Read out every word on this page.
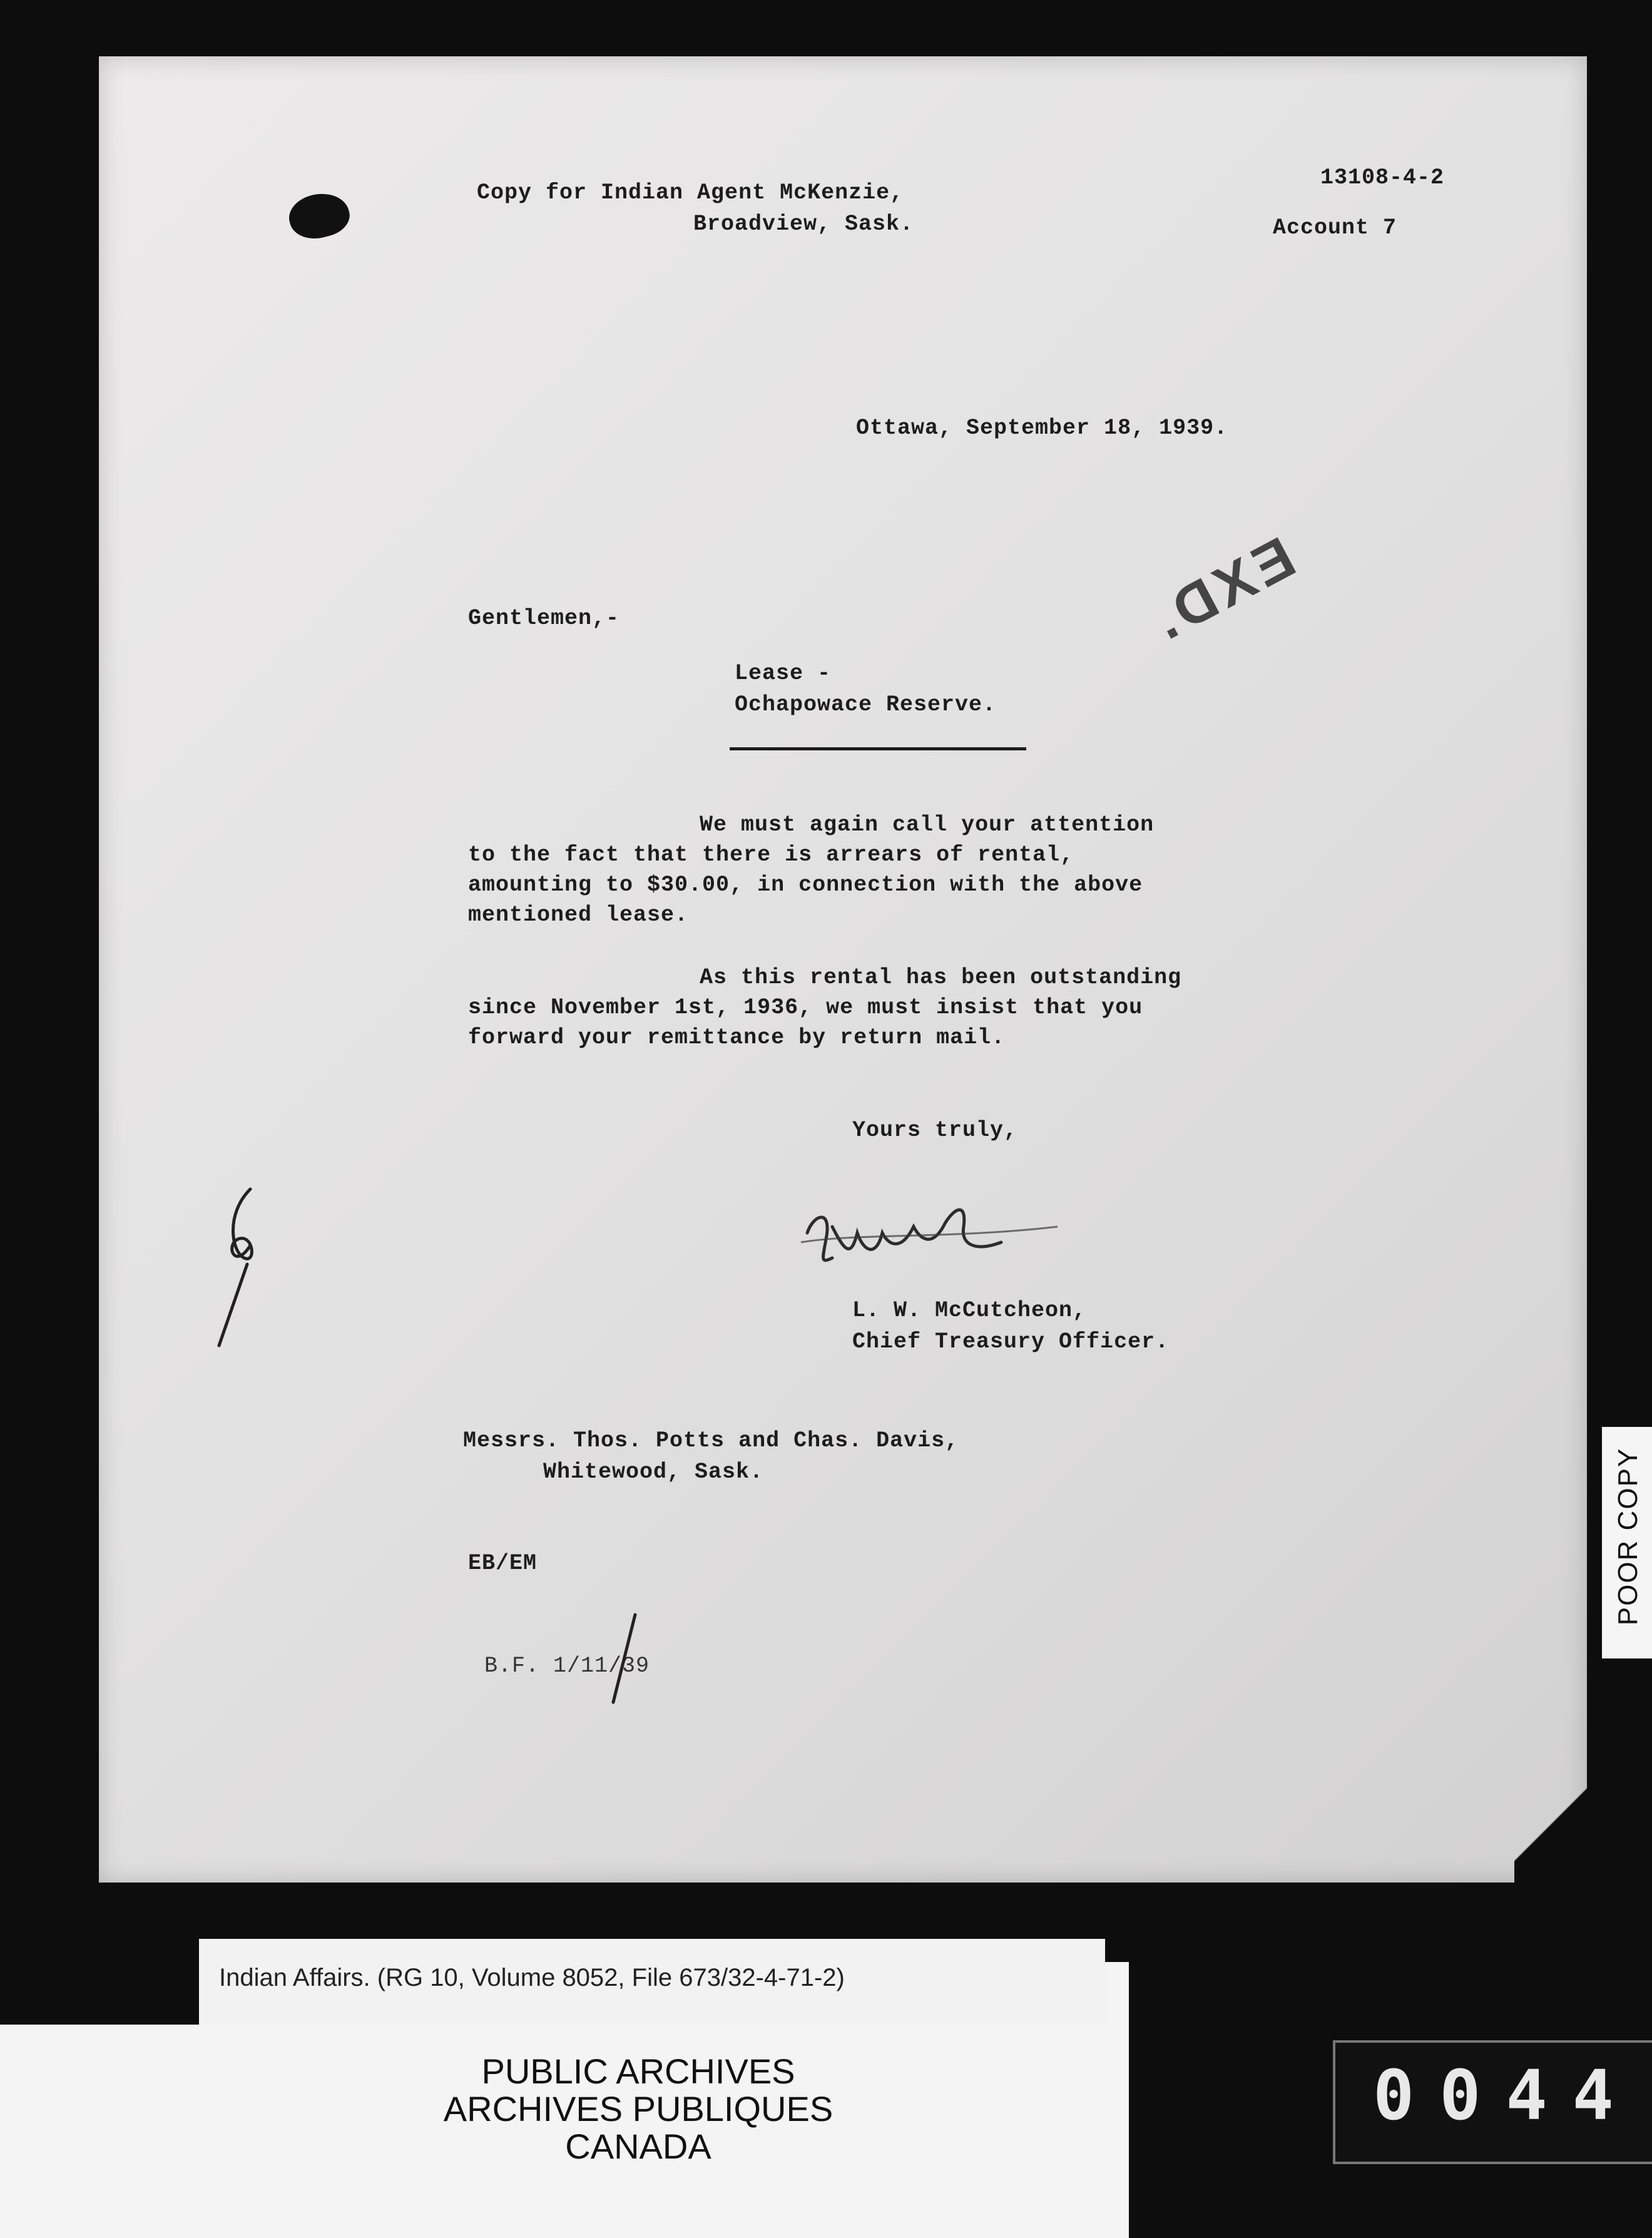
Copy for Indian Agent McKenzie,
Broadview, Sask.
13108-4-2
Account 7
Ottawa, September 18, 1939.
EXD.
Gentlemen,-
Lease -
Ochapowace Reserve.
We must again call your attention
to the fact that there is arrears of rental,
amounting to $30.00, in connection with the above
mentioned lease.
As this rental has been outstanding
since November 1st, 1936, we must insist that you
forward your remittance by return mail.
Yours truly,
L. W. McCutcheon,
Chief Treasury Officer.
Messrs. Thos. Potts and Chas. Davis,
Whitewood, Sask.
EB/EM
B.F. 1/11/39
POOR COPY
Indian Affairs. (RG 10, Volume 8052, File 673/32-4-71-2)
PUBLIC ARCHIVES
ARCHIVES PUBLIQUES
CANADA
0044
